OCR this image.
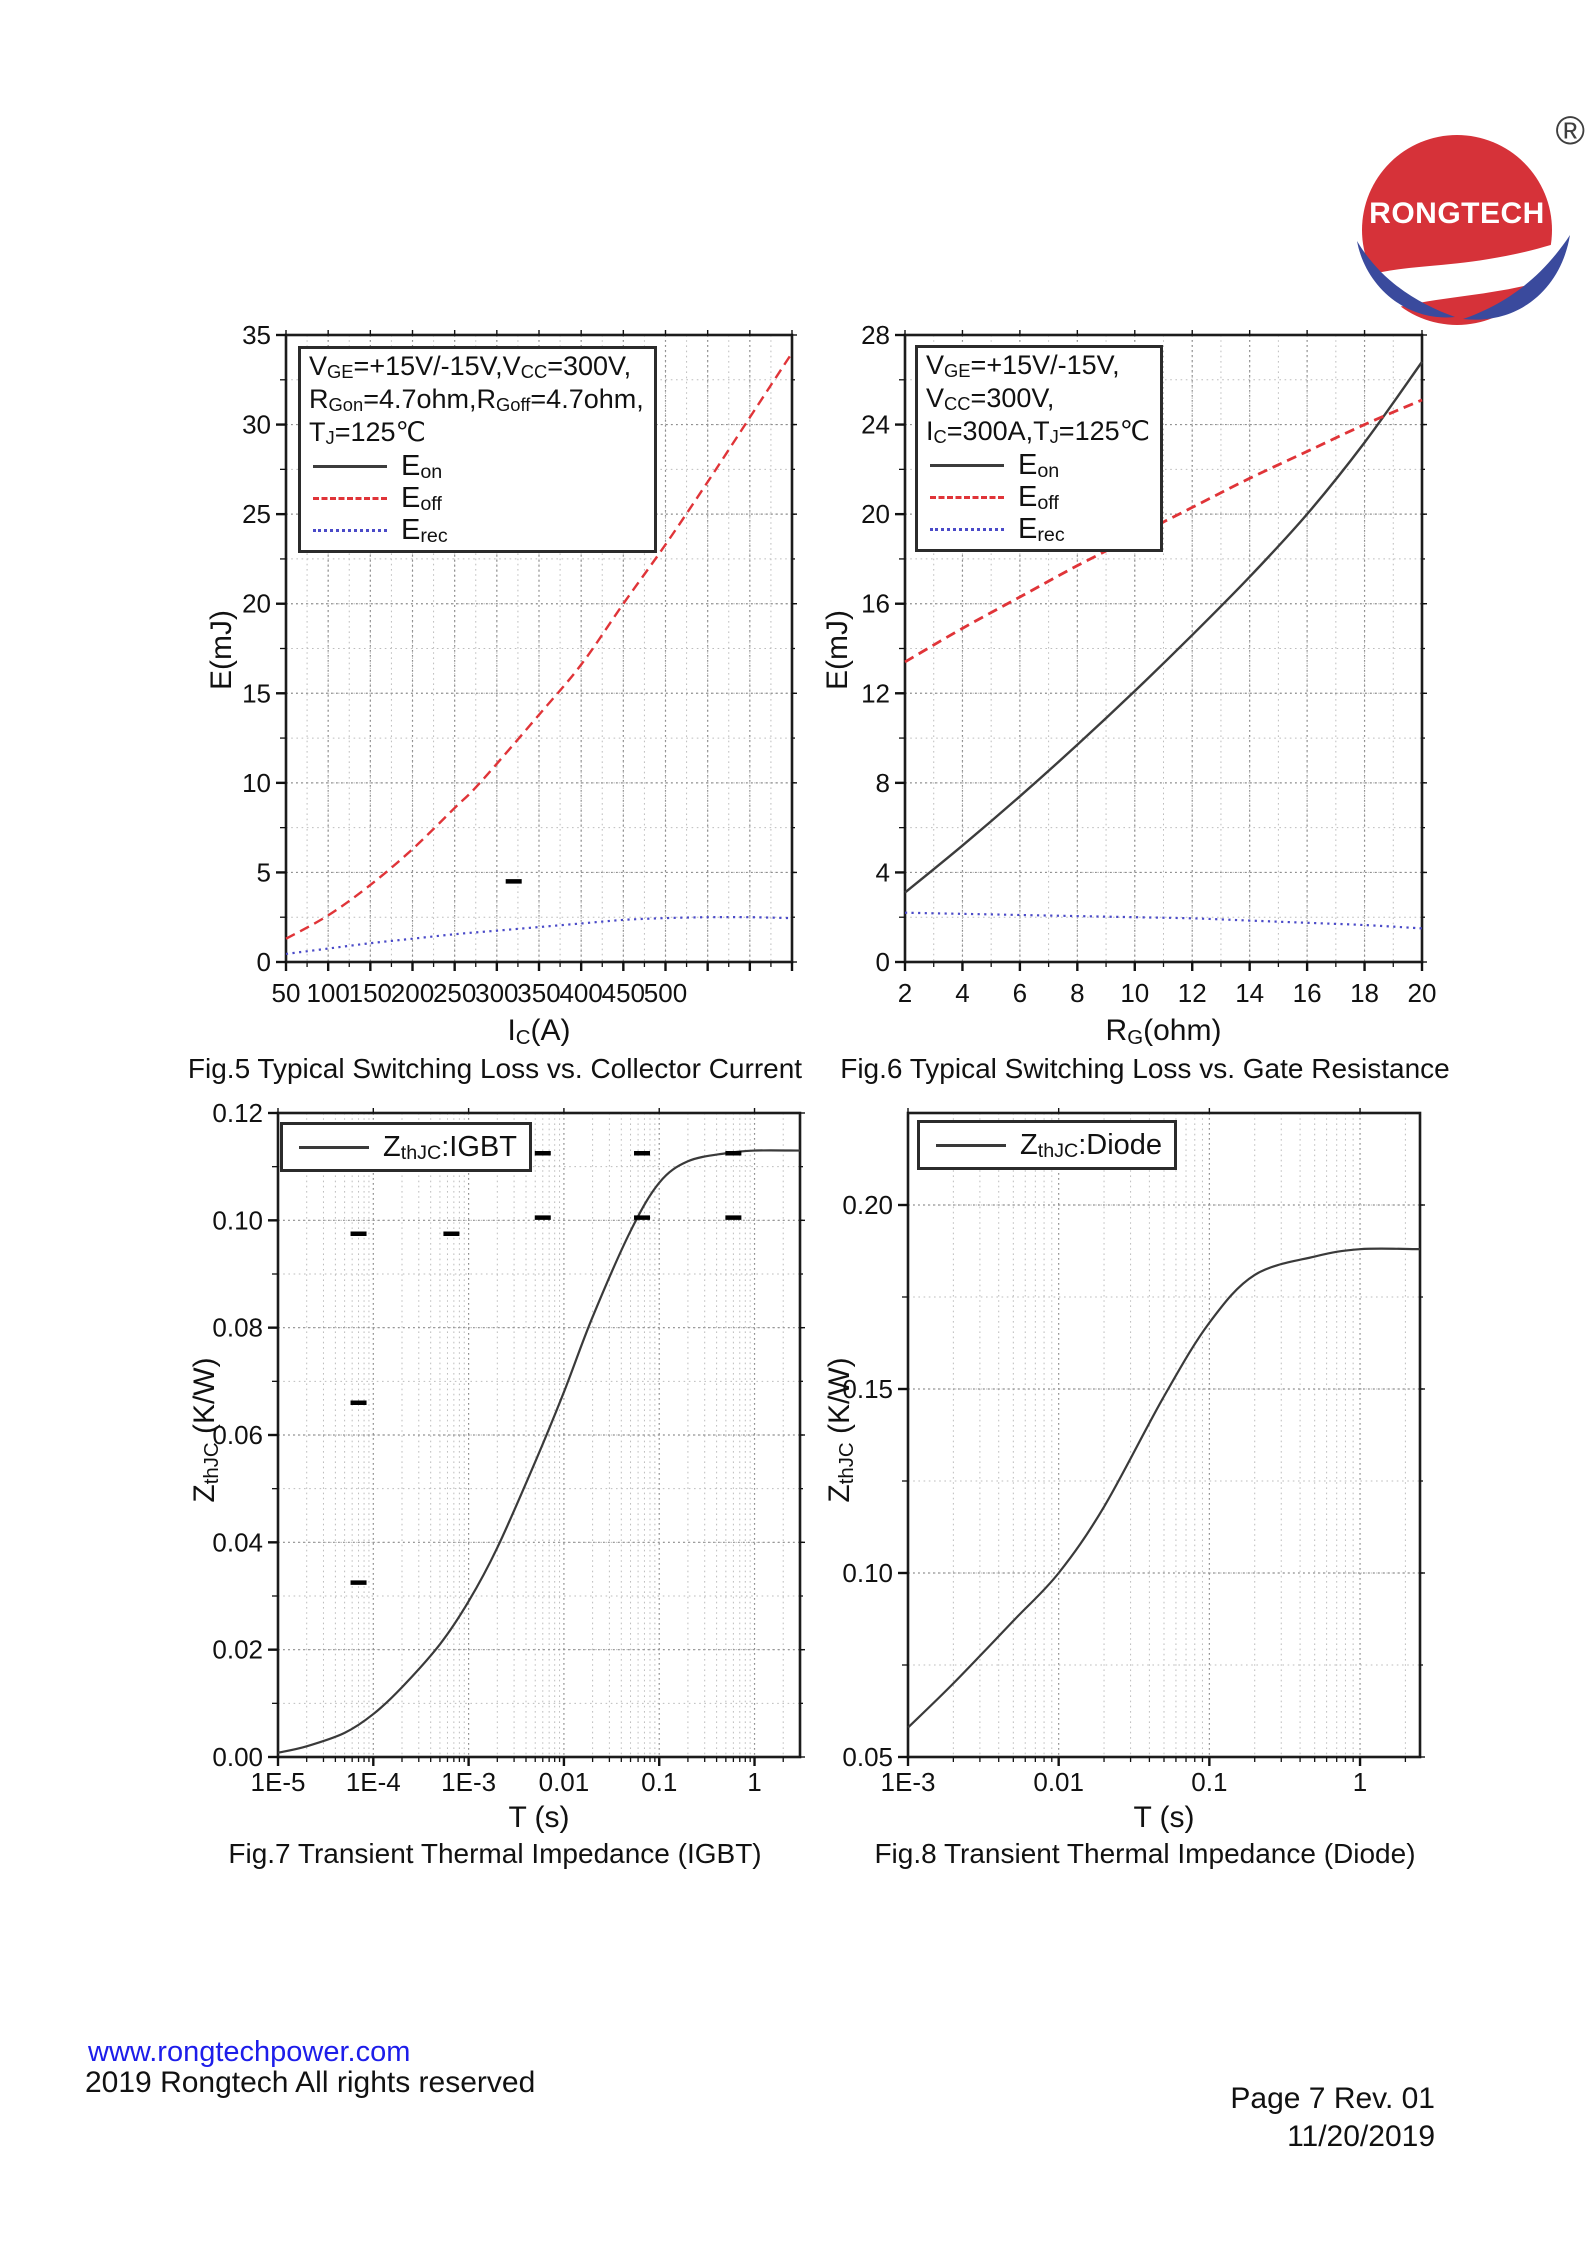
®
RONGTECH
50 100
150
200
250
300
350
400
450
500
0
5
10
15
20
25
30
35
E(mJ)
VGE=+15V/-15V,VCC=300V,
RGon=4.7ohm,RGoff=4.7ohm,
TJ=125℃
Eon
Eoff
Erec
IC(A)
Fig.5 Typical Switching Loss vs. Collector Current
2 4 6 8 10 12 14 16 18 20
0
4
8
12
16
20
24
28
E(mJ)
VGE=+15V/-15V,
VCC=300V,
IC=300A,TJ=125℃
Eon
Eoff
Erec
RG(ohm)
Fig.6 Typical Switching Loss vs. Gate Resistance
1E-5 1E-4 1E-3 0.01 0.1	1
0.00
0.02
0.04
0.06
0.08
0.10
0.12
ZthJC (K/W)
ZthJC:IGBT
T (s)
Fig.7 Transient Thermal Impedance (IGBT)
1E-3	0.01	0.1	1
0.05
0.10
0.15
0.20
ZthJC (K/W)
ZthJC:Diode
T (s)
Fig.8 Transient Thermal Impedance (Diode)
www.rongtechpower.com
2019 Rongtech All rights reserved	Page 7 Rev. 01
11/20/2019
